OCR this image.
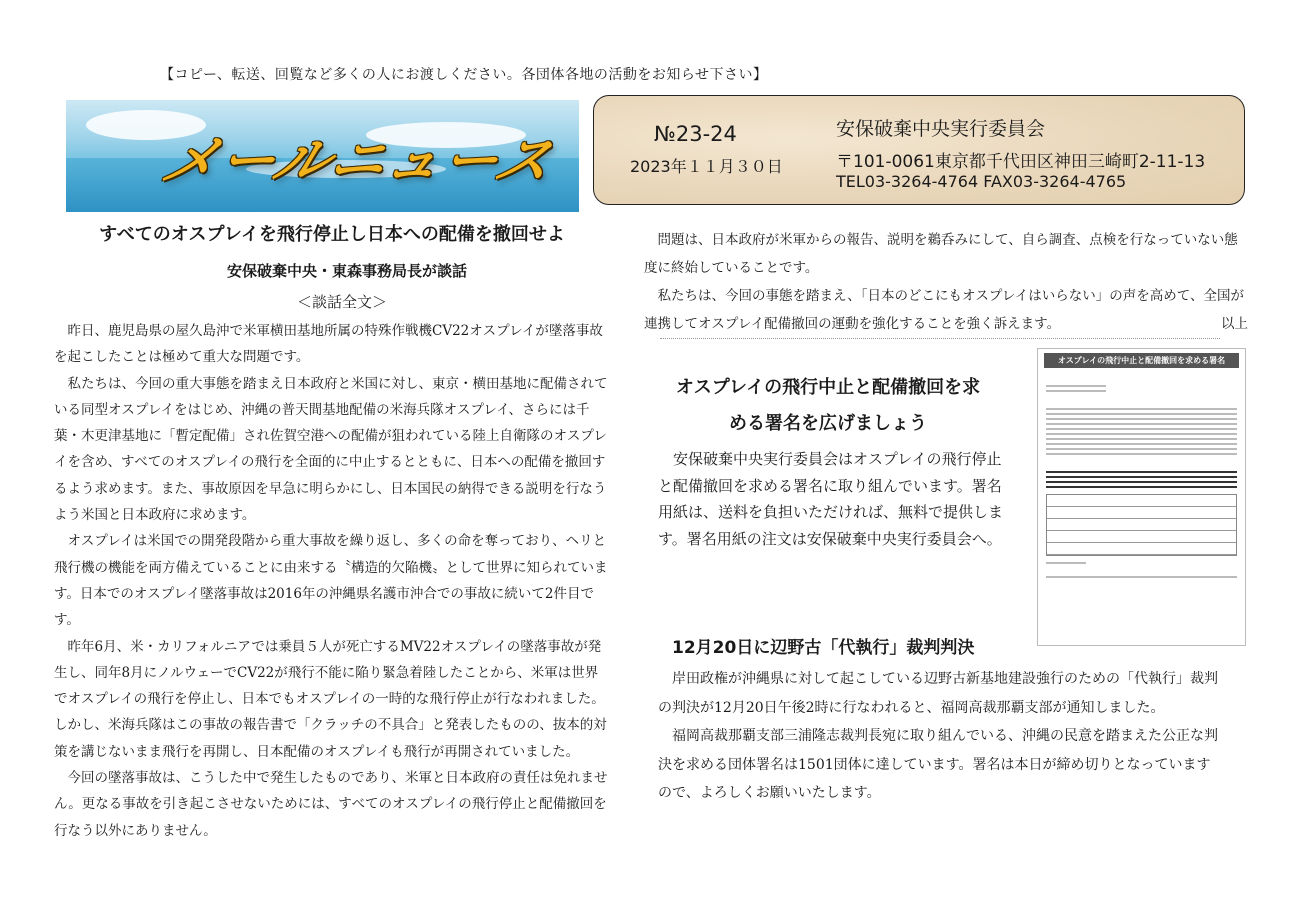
【コピー、転送、回覧など多くの人にお渡しください。各団体各地の活動をお知らせ下さい】
メールニュース	№23-24
2023年１１月３０日
安保破棄中央実行委員会
〒101-0061東京都千代田区神田三崎町2-11-13
TEL03-3264-4764 FAX03-3264-4765
すべてのオスプレイを飛行停止し日本への配備を撤回せよ
安保破棄中央・東森事務局長が談話
＜談話全文＞

昨日、鹿児島県の屋久島沖で米軍横田基地所属の特殊作戦機CV22オスプレイが墜落事故を起こしたことは極めて重大な問題です。

私たちは、今回の重大事態を踏まえ日本政府と米国に対し、東京・横田基地に配備されている同型オスプレイをはじめ、沖縄の普天間基地配備の米海兵隊オスプレイ、さらには千葉・木更津基地に「暫定配備」され佐賀空港への配備が狙われている陸上自衛隊のオスプレイを含め、すべてのオスプレイの飛行を全面的に中止するとともに、日本への配備を撤回するよう求めます。また、事故原因を早急に明らかにし、日本国民の納得できる説明を行なうよう米国と日本政府に求めます。

オスプレイは米国での開発段階から重大事故を繰り返し、多くの命を奪っており、ヘリと飛行機の機能を両方備えていることに由来する〝構造的欠陥機〟として世界に知られています。日本でのオスプレイ墜落事故は2016年の沖縄県名護市沖合での事故に続いて2件目です。

昨年6月、米・カリフォルニアでは乗員５人が死亡するMV22オスプレイの墜落事故が発生し、同年8月にノルウェーでCV22が飛行不能に陥り緊急着陸したことから、米軍は世界でオスプレイの飛行を停止し、日本でもオスプレイの一時的な飛行停止が行なわれました。しかし、米海兵隊はこの事故の報告書で「クラッチの不具合」と発表したものの、抜本的対策を講じないまま飛行を再開し、日本配備のオスプレイも飛行が再開されていました。

今回の墜落事故は、こうした中で発生したものであり、米軍と日本政府の責任は免れません。更なる事故を引き起こさせないためには、すべてのオスプレイの飛行停止と配備撤回を行なう以外にありません。

問題は、日本政府が米軍からの報告、説明を鵜呑みにして、自ら調査、点検を行なっていない態度に終始していることです。

私たちは、今回の事態を踏まえ、「日本のどこにもオスプレイはいらない」の声を高めて、全国が連携してオスプレイ配備撤回の運動を強化することを強く訴えます。	以上

オスプレイの飛行中止と配備撤回を求
める署名を広げましょう

安保破棄中央実行委員会はオスプレイの飛行停止と配備撤回を求める署名に取り組んでいます。署名用紙は、送料を負担いただければ、無料で提供します。署名用紙の注文は安保破棄中央実行委員会へ。

オスプレイの飛行中止と配備撤回を求める署名
12月20日に辺野古「代執行」裁判判決

岸田政権が沖縄県に対して起こしている辺野古新基地建設強行のための「代執行」裁判の判決が12月20日午後2時に行なわれると、福岡高裁那覇支部が通知しました。

福岡高裁那覇支部三浦隆志裁判長宛に取り組んでいる、沖縄の民意を踏まえた公正な判決を求める団体署名は1501団体に達しています。署名は本日が締め切りとなっていますので、よろしくお願いいたします。
